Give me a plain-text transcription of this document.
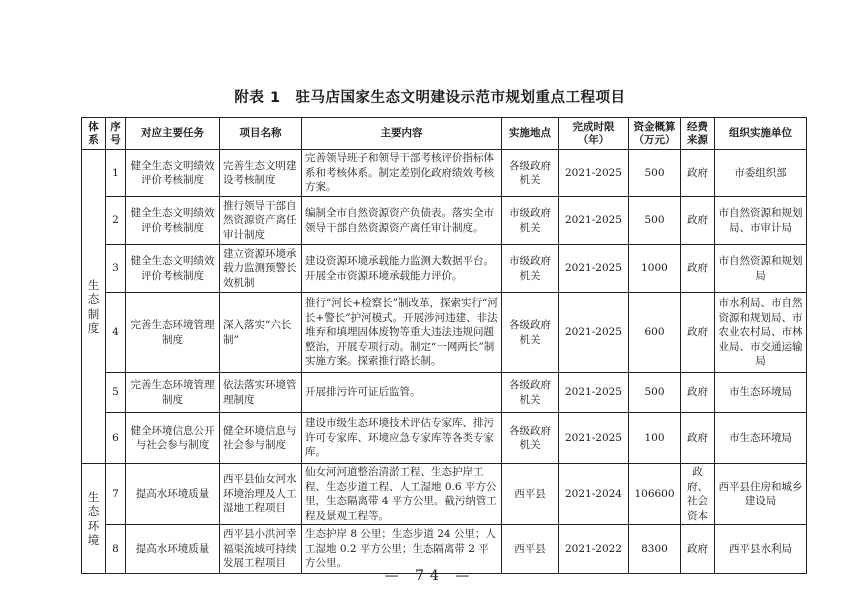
附表 1　驻马店国家生态文明建设示范市规划重点工程项目
体系	序号	对应主要任务	项目名称	主要内容	实施地点	完成时限（年）	资金概算（万元）	经费来源	组织实施单位
生态制度	1	健全生态文明绩效评价考核制度	完善生态文明建设考核制度	完善领导班子和领导干部考核评价指标体系和考核体系。制定差别化政府绩效考核方案。	各级政府机关	2021-2025	500	政府	市委组织部
	2	健全生态文明绩效评价考核制度	推行领导干部自然资源资产离任审计制度	编制全市自然资源资产负债表。落实全市领导干部自然资源资产离任审计制度。	市级政府机关	2021-2025	500	政府	市自然资源和规划局、市审计局
	3	健全生态文明绩效评价考核制度	建立资源环境承载力监测预警长效机制	建设资源环境承载能力监测大数据平台。开展全市资源环境承载能力评价。	市级政府机关	2021-2025	1000	政府	市自然资源和规划局
	4	完善生态环境管理制度	深入落实“六长制”	推行“河长+检察长”制改革，探索实行“河长+警长”护河模式。开展涉河违建、非法堆弃和填埋固体废物等重大违法违规问题整治，开展专项行动。制定“一网两长”制实施方案。探索推行路长制。	各级政府机关	2021-2025	600	政府	市水利局、市自然资源和规划局、市农业农村局、市林业局、市交通运输局
	5	完善生态环境管理制度	依法落实环境管理制度	开展排污许可证后监管。	各级政府机关	2021-2025	500	政府	市生态环境局
	6	健全环境信息公开与社会参与制度	健全环境信息与社会参与制度	建设市级生态环境技术评估专家库、排污许可专家库、环境应急专家库等各类专家库。	各级政府机关	2021-2025	100	政府	市生态环境局
生态环境	7	提高水环境质量	西平县仙女河水环境治理及人工湿地工程项目	仙女河河道整治清淤工程、生态护岸工程、生态步道工程、人工湿地 0.6 平方公里，生态隔离带 4 平方公里。截污纳管工程及景观工程等。	西平县	2021-2024	106600	政府、社会资本	西平县住房和城乡建设局
	8	提高水环境质量	西平县小洪河幸福渠流域可持续发展工程项目	生态护岸 8 公里；生态步道 24 公里；人工湿地 0.2 平方公里；生态隔离带 2 平方公里。	西平县	2021-2022	8300	政府	西平县水利局
— 74 —
